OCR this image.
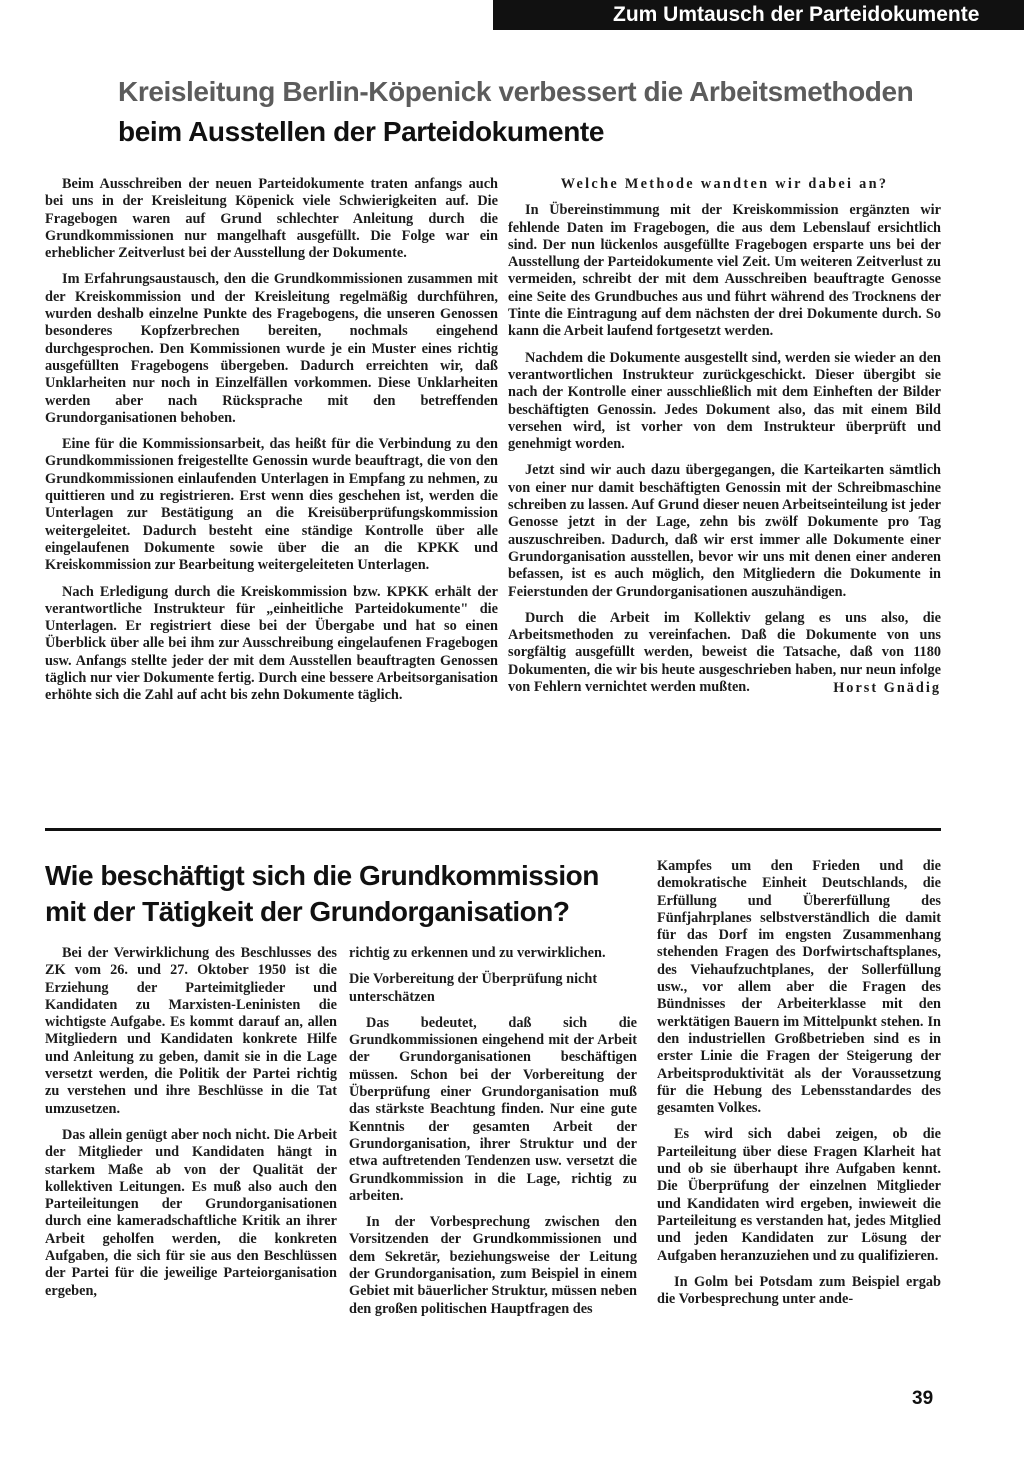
Zum Umtausch der Parteidokumente
Kreisleitung Berlin-Köpenick verbessert die Arbeitsmethoden
beim Ausstellen der Parteidokumente

Beim Ausschreiben der neuen Parteidokumente traten anfangs auch bei uns in der Kreisleitung Köpenick viele Schwierigkeiten auf. Die Fragebogen waren auf Grund schlechter Anleitung durch die Grundkommissionen nur mangelhaft ausgefüllt. Die Folge war ein erheblicher Zeitverlust bei der Ausstellung der Dokumente.

Im Erfahrungsaustausch, den die Grundkommissionen zusammen mit der Kreiskommission und der Kreisleitung regelmäßig durchführen, wurden deshalb einzelne Punkte des Fragebogens, die unseren Genossen besonderes Kopfzerbrechen bereiten, nochmals eingehend durchgesprochen. Den Kommissionen wurde je ein Muster eines richtig ausgefüllten Fragebogens übergeben. Dadurch erreichten wir, daß Unklarheiten nur noch in Einzelfällen vorkommen. Diese Unklarheiten werden aber nach Rücksprache mit den betreffenden Grundorganisationen behoben.

Eine für die Kommissionsarbeit, das heißt für die Verbindung zu den Grundkommissionen freigestellte Genossin wurde beauftragt, die von den Grundkommissionen einlaufenden Unterlagen in Empfang zu nehmen, zu quittieren und zu registrieren. Erst wenn dies geschehen ist, werden die Unterlagen zur Bestätigung an die Kreisüberprüfungskommission weitergeleitet. Dadurch besteht eine ständige Kontrolle über alle eingelaufenen Dokumente sowie über die an die KPKK und Kreiskommission zur Bearbeitung weitergeleiteten Unterlagen.

Nach Erledigung durch die Kreiskommission bzw. KPKK erhält der verantwortliche Instrukteur für „einheitliche Parteidokumente" die Unterlagen. Er registriert diese bei der Übergabe und hat so einen Überblick über alle bei ihm zur Ausschreibung eingelaufenen Fragebogen usw. Anfangs stellte jeder der mit dem Ausstellen beauftragten Genossen täglich nur vier Dokumente fertig. Durch eine bessere Arbeitsorganisation erhöhte sich die Zahl auf acht bis zehn Dokumente täglich.

Welche Methode wandten wir dabei an?

In Übereinstimmung mit der Kreiskommission ergänzten wir fehlende Daten im Fragebogen, die aus dem Lebenslauf ersichtlich sind. Der nun lückenlos ausgefüllte Fragebogen ersparte uns bei der Ausstellung der Parteidokumente viel Zeit. Um weiteren Zeitverlust zu vermeiden, schreibt der mit dem Ausschreiben beauftragte Genosse eine Seite des Grundbuches aus und führt während des Trocknens der Tinte die Eintragung auf dem nächsten der drei Dokumente durch. So kann die Arbeit laufend fortgesetzt werden.

Nachdem die Dokumente ausgestellt sind, werden sie wieder an den verantwortlichen Instrukteur zurückgeschickt. Dieser übergibt sie nach der Kontrolle einer ausschließlich mit dem Einheften der Bilder beschäftigten Genossin. Jedes Dokument also, das mit einem Bild versehen wird, ist vorher von dem Instrukteur überprüft und genehmigt worden.

Jetzt sind wir auch dazu übergegangen, die Karteikarten sämtlich von einer nur damit beschäftigten Genossin mit der Schreibmaschine schreiben zu lassen. Auf Grund dieser neuen Arbeitseinteilung ist jeder Genosse jetzt in der Lage, zehn bis zwölf Dokumente pro Tag auszuschreiben. Dadurch, daß wir erst immer alle Dokumente einer Grundorganisation ausstellen, bevor wir uns mit denen einer anderen befassen, ist es auch möglich, den Mitgliedern die Dokumente in Feierstunden der Grundorganisationen auszuhändigen.

Durch die Arbeit im Kollektiv gelang es uns also, die Arbeitsmethoden zu vereinfachen. Daß die Dokumente von uns sorgfältig ausgefüllt werden, beweist die Tatsache, daß von 1180 Dokumenten, die wir bis heute ausgeschrieben haben, nur neun infolge von Fehlern vernichtet werden mußten.	Horst Gnädig

Wie beschäftigt sich die Grundkommission
mit der Tätigkeit der Grundorganisation?

Bei der Verwirklichung des Beschlusses des ZK vom 26. und 27. Oktober 1950 ist die Erziehung der Parteimitglieder und Kandidaten zu Marxisten-Leninisten die wichtigste Aufgabe. Es kommt darauf an, allen Mitgliedern und Kandidaten konkrete Hilfe und Anleitung zu geben, damit sie in die Lage versetzt werden, die Politik der Partei richtig zu verstehen und ihre Beschlüsse in die Tat umzusetzen.

Das allein genügt aber noch nicht. Die Arbeit der Mitglieder und Kandidaten hängt in starkem Maße ab von der Qualität der kollektiven Leitungen. Es muß also auch den Parteileitungen der Grundorganisationen durch eine kameradschaftliche Kritik an ihrer Arbeit geholfen werden, die konkreten Aufgaben, die sich für sie aus den Beschlüssen der Partei für die jeweilige Parteiorganisation ergeben,

richtig zu erkennen und zu verwirklichen.

Die Vorbereitung der Überprüfung nicht unterschätzen

Das bedeutet, daß sich die Grundkommissionen eingehend mit der Arbeit der Grundorganisationen beschäftigen müssen. Schon bei der Vorbereitung der Überprüfung einer Grundorganisation muß das stärkste Beachtung finden. Nur eine gute Kenntnis der gesamten Arbeit der Grundorganisation, ihrer Struktur und der etwa auftretenden Tendenzen usw. versetzt die Grundkommission in die Lage, richtig zu arbeiten.

In der Vorbesprechung zwischen den Vorsitzenden der Grundkommissionen und dem Sekretär, beziehungsweise der Leitung der Grundorganisation, zum Beispiel in einem Gebiet mit bäuerlicher Struktur, müssen neben den großen politischen Hauptfragen des

Kampfes um den Frieden und die demokratische Einheit Deutschlands, die Erfüllung und Übererfüllung des Fünfjahrplanes selbstverständlich die damit für das Dorf im engsten Zusammenhang stehenden Fragen des Dorfwirtschaftsplanes, des Viehaufzuchtplanes, der Sollerfüllung usw., vor allem aber die Fragen des Bündnisses der Arbeiterklasse mit den werktätigen Bauern im Mittelpunkt stehen. In den industriellen Großbetrieben sind es in erster Linie die Fragen der Steigerung der Arbeitsproduktivität als der Voraussetzung für die Hebung des Lebensstandardes des gesamten Volkes.

Es wird sich dabei zeigen, ob die Parteileitung über diese Fragen Klarheit hat und ob sie überhaupt ihre Aufgaben kennt. Die Überprüfung der einzelnen Mitglieder und Kandidaten wird ergeben, inwieweit die Parteileitung es verstanden hat, jedes Mitglied und jeden Kandidaten zur Lösung der Aufgaben heranzuziehen und zu qualifizieren.

In Golm bei Potsdam zum Beispiel ergab die Vorbesprechung unter ande-

39
